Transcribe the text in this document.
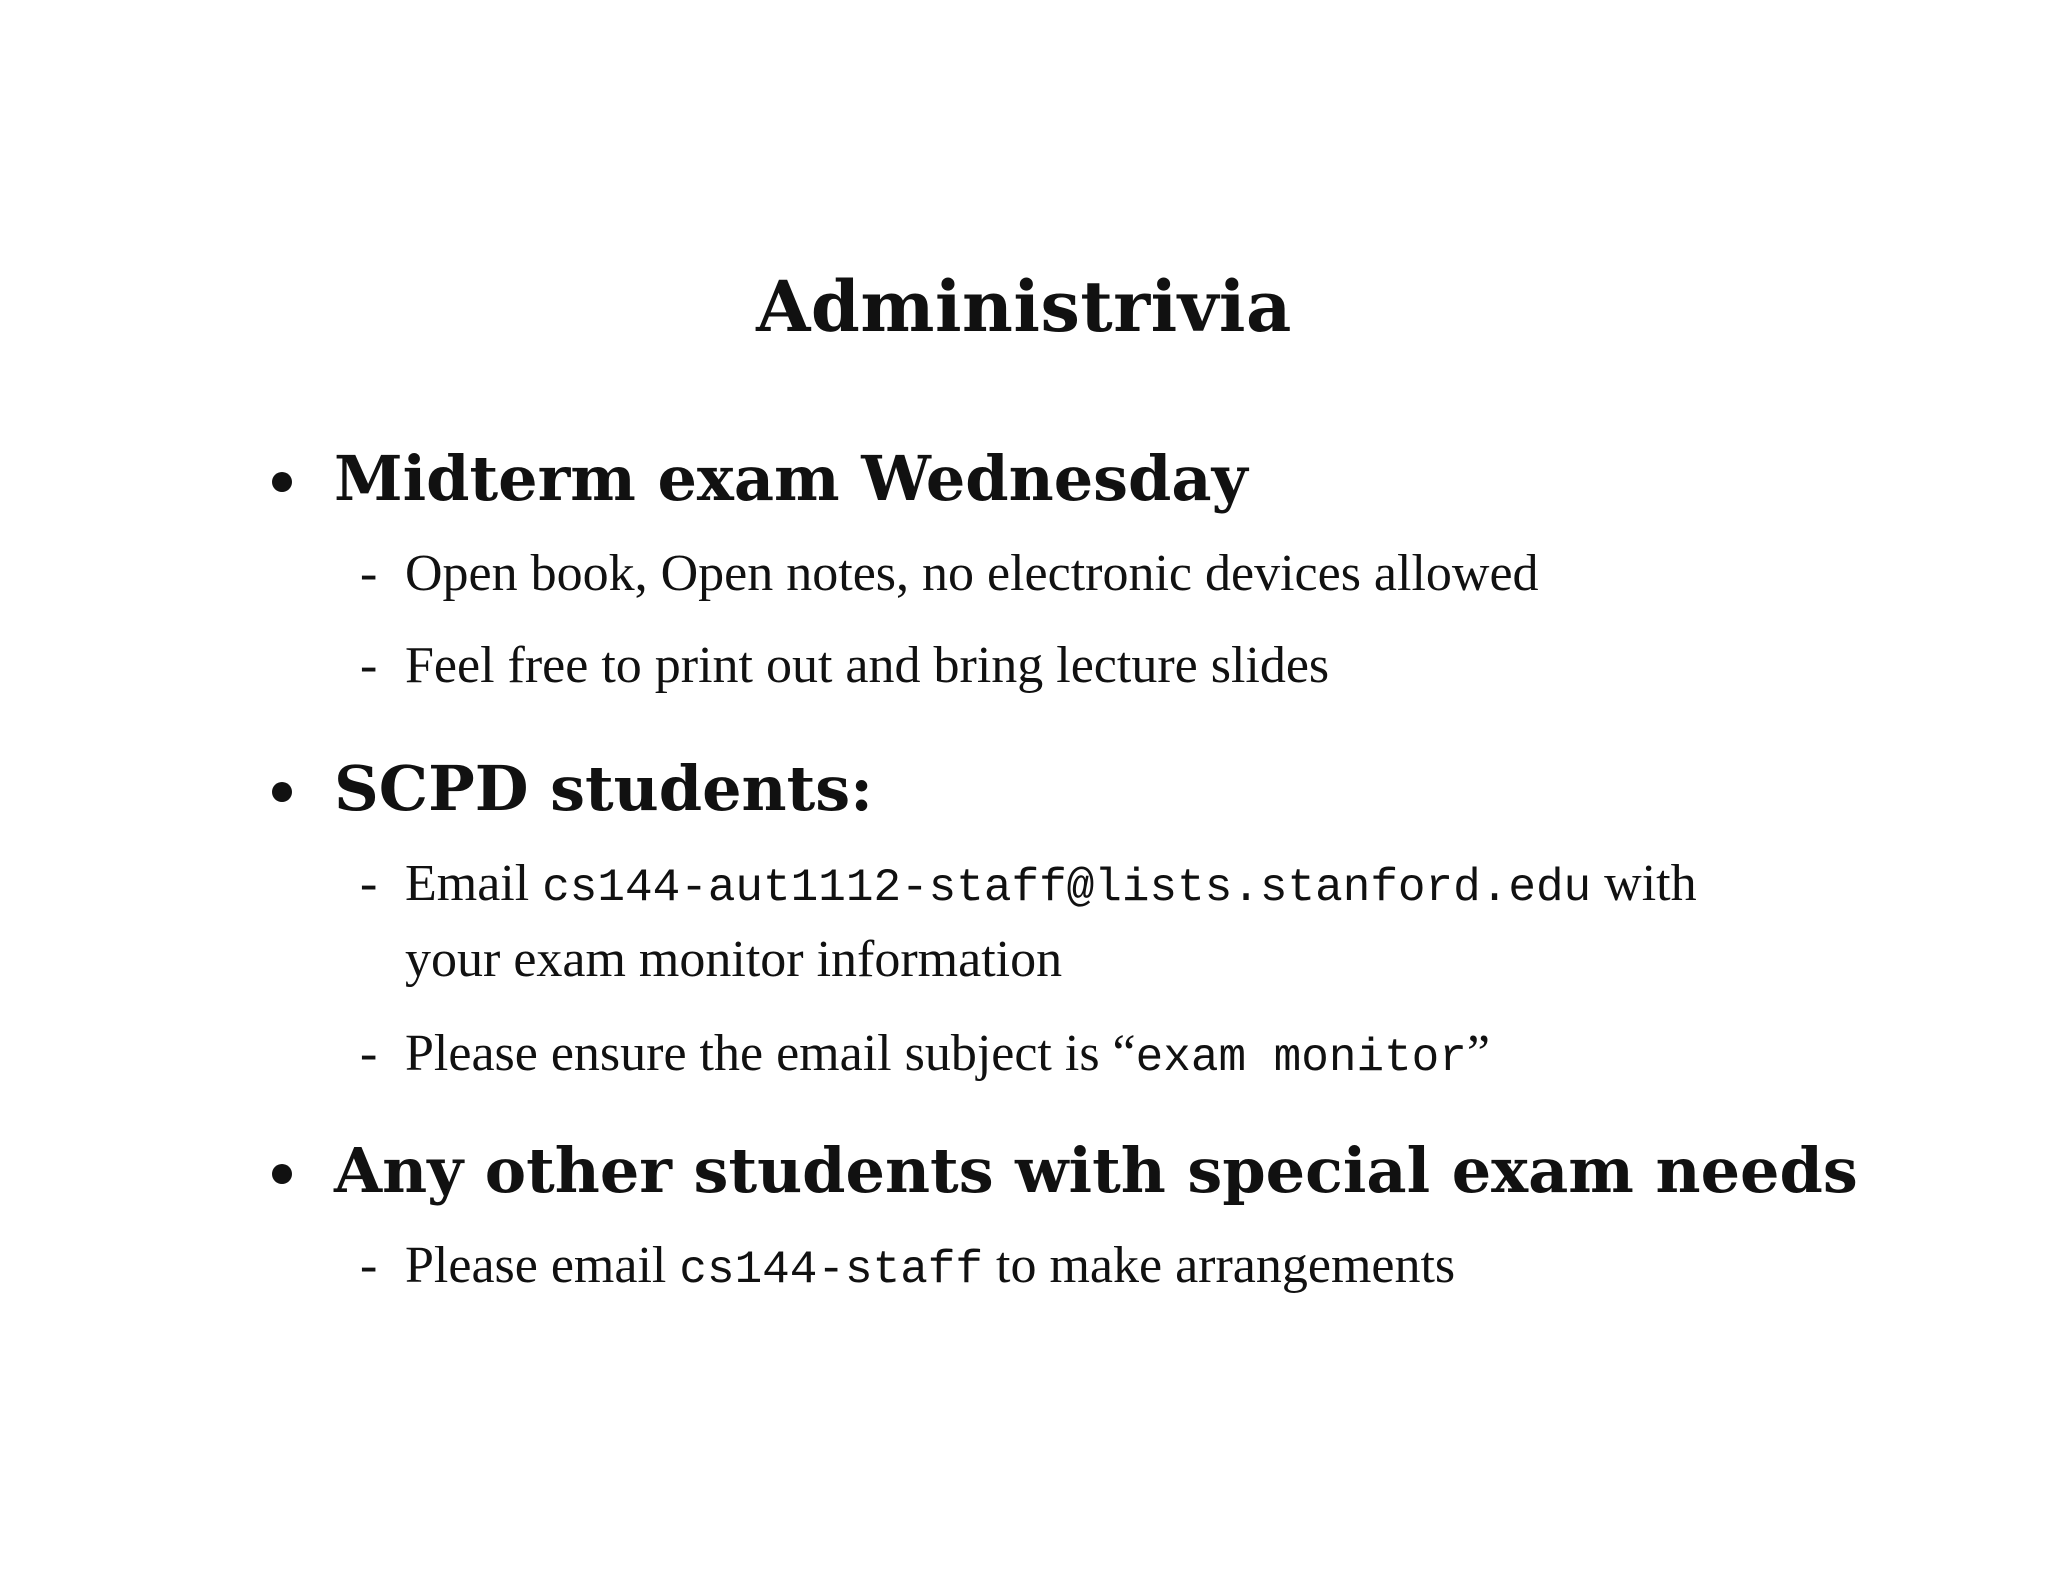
Administrivia
Midterm exam Wednesday
- Open book, Open notes, no electronic devices allowed
- Feel free to print out and bring lecture slides
SCPD students:
- Email cs144-aut1112-staff@lists.stanford.edu with
your exam monitor information
- Please ensure the email subject is “exam monitor”
Any other students with special exam needs
- Please email cs144-staff to make arrangements
